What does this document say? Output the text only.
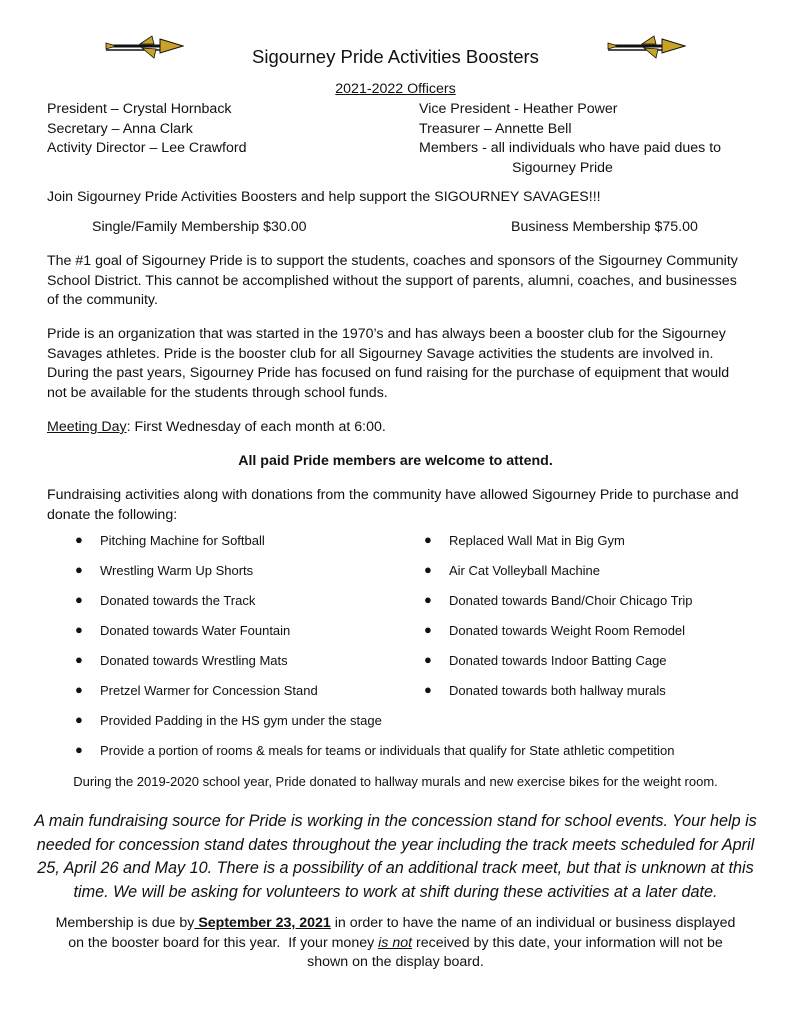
Sigourney Pride Activities Boosters
2021-2022 Officers
President – Crystal Hornback
Secretary – Anna Clark
Activity Director – Lee Crawford
Vice President - Heather Power
Treasurer – Annette Bell
Members - all individuals who have paid dues to
Sigourney Pride
Join Sigourney Pride Activities Boosters and help support the SIGOURNEY SAVAGES!!!
Single/Family Membership $30.00	Business Membership $75.00
The #1 goal of Sigourney Pride is to support the students, coaches and sponsors of the Sigourney Community
School District. This cannot be accomplished without the support of parents, alumni, coaches, and businesses
of the community.
Pride is an organization that was started in the 1970’s and has always been a booster club for the Sigourney
Savages athletes. Pride is the booster club for all Sigourney Savage activities the students are involved in.
During the past years, Sigourney Pride has focused on fund raising for the purchase of equipment that would
not be available for the students through school funds.
Meeting Day: First Wednesday of each month at 6:00.
All paid Pride members are welcome to attend.
Fundraising activities along with donations from the community have allowed Sigourney Pride to purchase and
donate the following:
● Pitching Machine for Softball
● Wrestling Warm Up Shorts
● Donated towards the Track
● Donated towards Water Fountain
● Donated towards Wrestling Mats
● Pretzel Warmer for Concession Stand
● Replaced Wall Mat in Big Gym
● Air Cat Volleyball Machine
● Donated towards Band/Choir Chicago Trip
● Donated towards Weight Room Remodel
● Donated towards Indoor Batting Cage
● Donated towards both hallway murals
● Provided Padding in the HS gym under the stage
● Provide a portion of rooms & meals for teams or individuals that qualify for State athletic competition
During the 2019-2020 school year, Pride donated to hallway murals and new exercise bikes for the weight room.
A main fundraising source for Pride is working in the concession stand for school events. Your help is
needed for concession stand dates throughout the year including the track meets scheduled for April
25, April 26 and May 10. There is a possibility of an additional track meet, but that is unknown at this
time. We will be asking for volunteers to work at shift during these activities at a later date.
Membership is due by September 23, 2021 in order to have the name of an individual or business displayed
on the booster board for this year.  If your money is not received by this date, your information will not be
shown on the display board.
